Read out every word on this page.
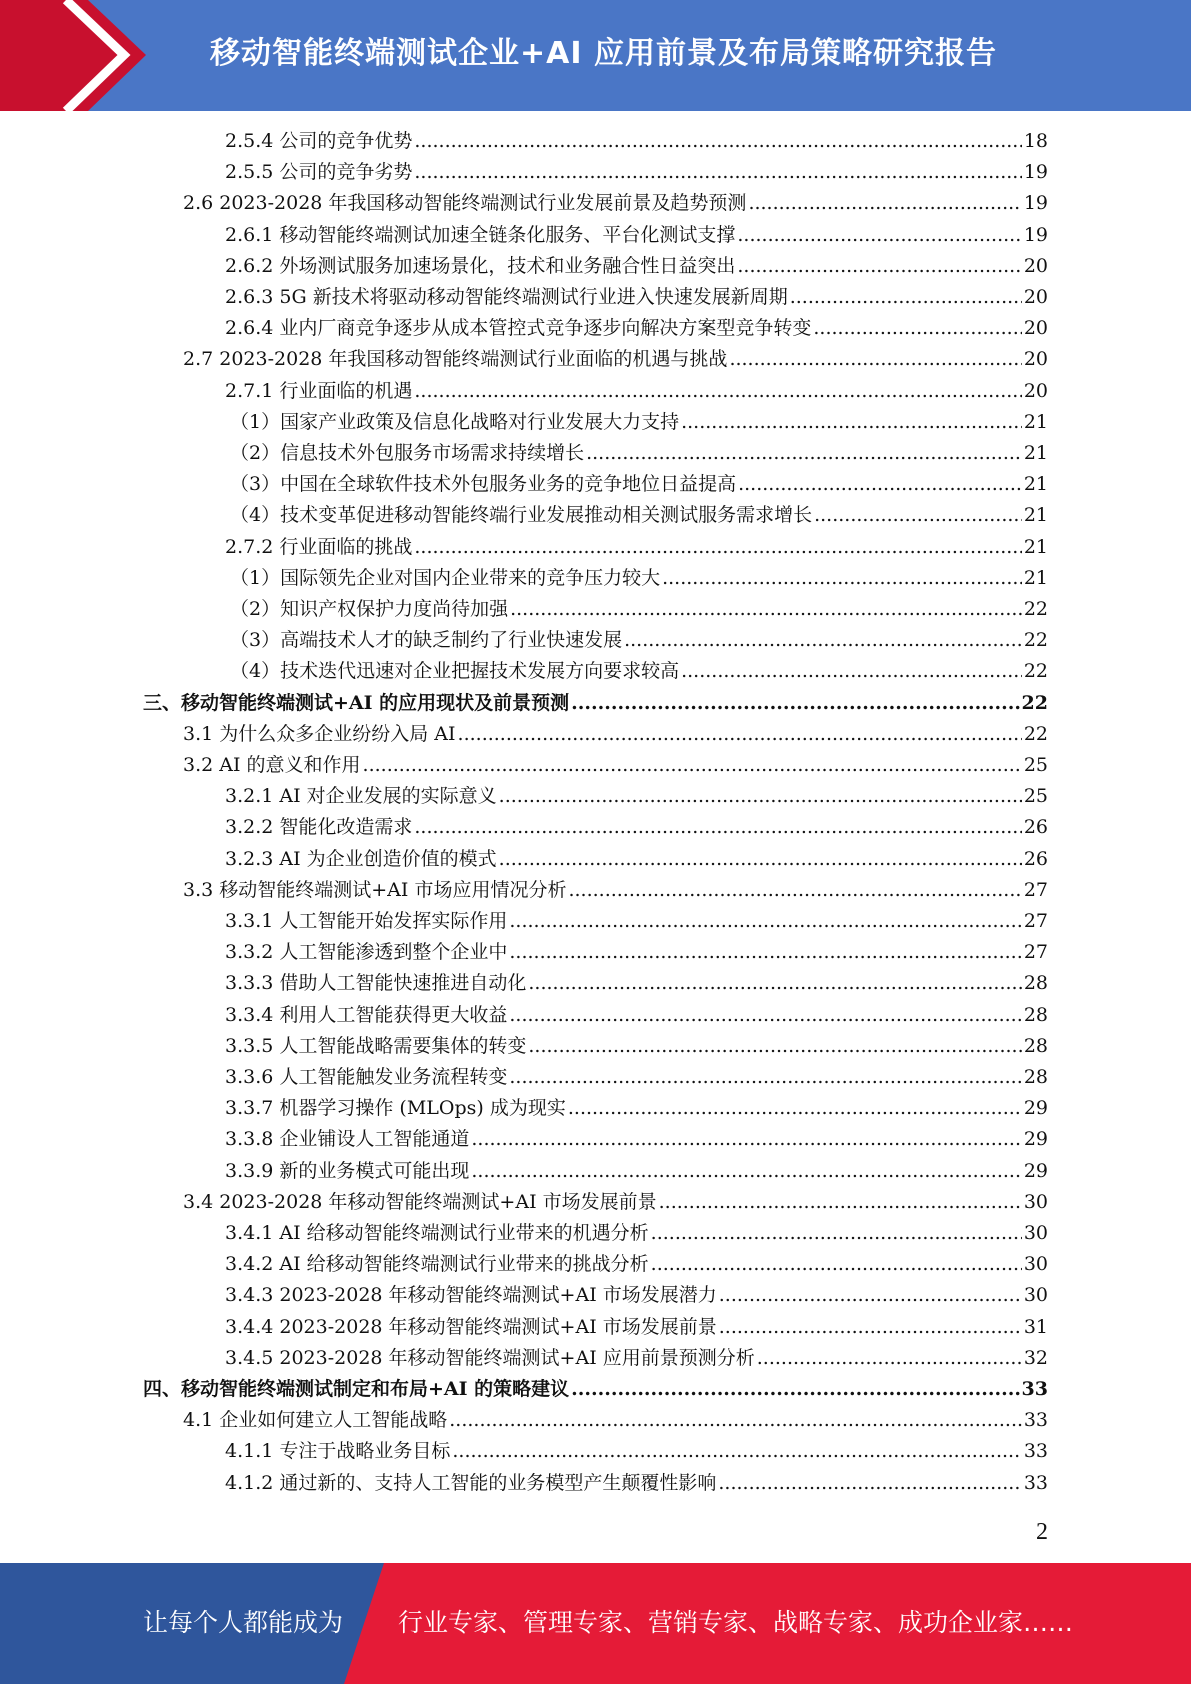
移动智能终端测试企业+AI 应用前景及布局策略研究报告
2.5.4 公司的竞争优势 .....	18
2.5.5 公司的竞争劣势 .....	19
2.6 2023-2028 年我国移动智能终端测试行业发展前景及趋势预测 .....	19
2.6.1 移动智能终端测试加速全链条化服务、平台化测试支撑 .....	19
2.6.2 外场测试服务加速场景化，技术和业务融合性日益突出 .....	20
2.6.3 5G 新技术将驱动移动智能终端测试行业进入快速发展新周期 .....	20
2.6.4 业内厂商竞争逐步从成本管控式竞争逐步向解决方案型竞争转变 .....	20
2.7 2023-2028 年我国移动智能终端测试行业面临的机遇与挑战 .....	20
2.7.1 行业面临的机遇 .....	20
（1）国家产业政策及信息化战略对行业发展大力支持 .....	21
（2）信息技术外包服务市场需求持续增长 .....	21
（3）中国在全球软件技术外包服务业务的竞争地位日益提高 .....	21
（4）技术变革促进移动智能终端行业发展推动相关测试服务需求增长 .....	21
2.7.2 行业面临的挑战 .....	21
（1）国际领先企业对国内企业带来的竞争压力较大 .....	21
（2）知识产权保护力度尚待加强 .....	22
（3）高端技术人才的缺乏制约了行业快速发展 .....	22
（4）技术迭代迅速对企业把握技术发展方向要求较高 .....	22
三、移动智能终端测试+AI 的应用现状及前景预测 .....	22
3.1 为什么众多企业纷纷入局 AI .....	22
3.2 AI 的意义和作用 .....	25
3.2.1 AI 对企业发展的实际意义 .....	25
3.2.2 智能化改造需求 .....	26
3.2.3 AI 为企业创造价值的模式 .....	26
3.3 移动智能终端测试+AI 市场应用情况分析 .....	27
3.3.1 人工智能开始发挥实际作用 .....	27
3.3.2 人工智能渗透到整个企业中 .....	27
3.3.3 借助人工智能快速推进自动化 .....	28
3.3.4 利用人工智能获得更大收益 .....	28
3.3.5 人工智能战略需要集体的转变 .....	28
3.3.6 人工智能触发业务流程转变 .....	28
3.3.7 机器学习操作 (MLOps) 成为现实 .....	29
3.3.8 企业铺设人工智能通道 .....	29
3.3.9 新的业务模式可能出现 .....	29
3.4 2023-2028 年移动智能终端测试+AI 市场发展前景 .....	30
3.4.1 AI 给移动智能终端测试行业带来的机遇分析 .....	30
3.4.2 AI 给移动智能终端测试行业带来的挑战分析 .....	30
3.4.3 2023-2028 年移动智能终端测试+AI 市场发展潜力 .....	30
3.4.4 2023-2028 年移动智能终端测试+AI 市场发展前景 .....	31
3.4.5 2023-2028 年移动智能终端测试+AI 应用前景预测分析 .....	32
四、移动智能终端测试制定和布局+AI 的策略建议 .....	33
4.1 企业如何建立人工智能战略 .....	33
4.1.1 专注于战略业务目标 .....	33
4.1.2 通过新的、支持人工智能的业务模型产生颠覆性影响 .....	33
2
让每个人都能成为 行业专家、管理专家、营销专家、战略专家、成功企业家……
